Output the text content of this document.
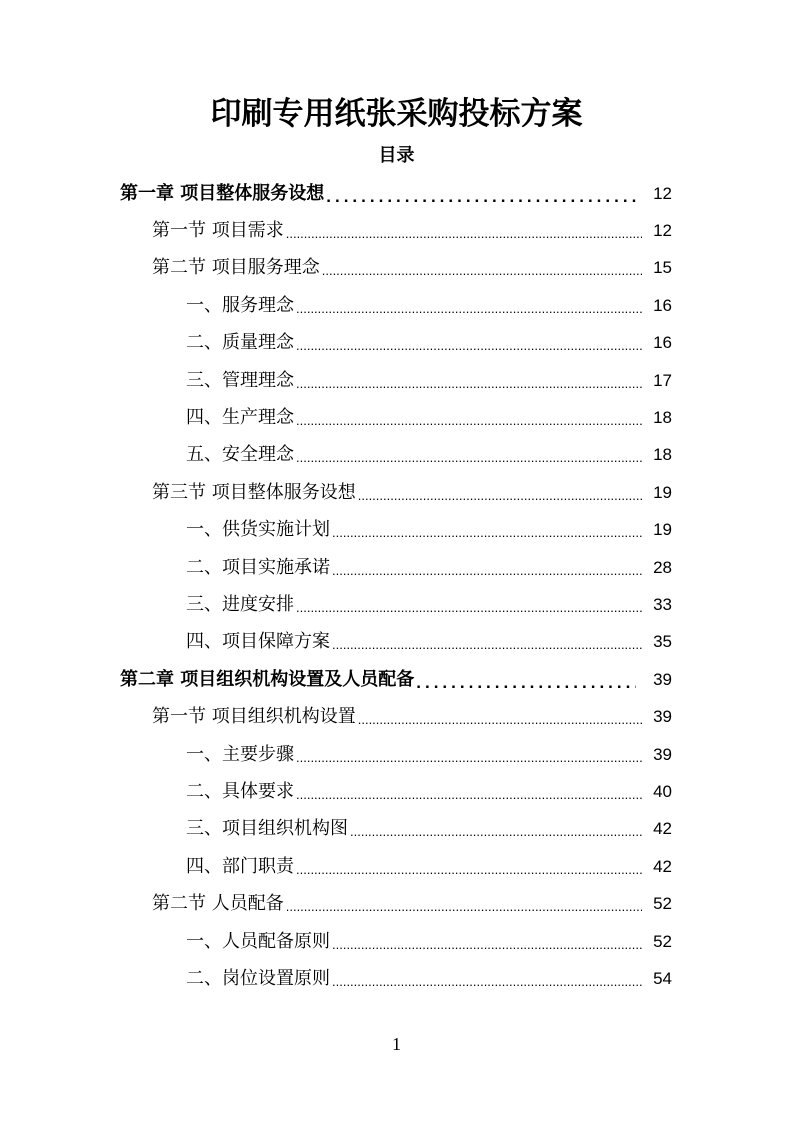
印刷专用纸张采购投标方案
目录
第一章 项目整体服务设想 .....	12
第一节 项目需求 .....	12
第二节 项目服务理念 .....	15
一、服务理念 .....	16
二、质量理念 .....	16
三、管理理念 .....	17
四、生产理念 .....	18
五、安全理念 .....	18
第三节 项目整体服务设想 .....	19
一、供货实施计划 .....	19
二、项目实施承诺 .....	28
三、进度安排 .....	33
四、项目保障方案 .....	35
第二章 项目组织机构设置及人员配备 .....	39
第一节 项目组织机构设置 .....	39
一、主要步骤 .....	39
二、具体要求 .....	40
三、项目组织机构图 .....	42
四、部门职责 .....	42
第二节 人员配备 .....	52
一、人员配备原则 .....	52
二、岗位设置原则 .....	54
1
